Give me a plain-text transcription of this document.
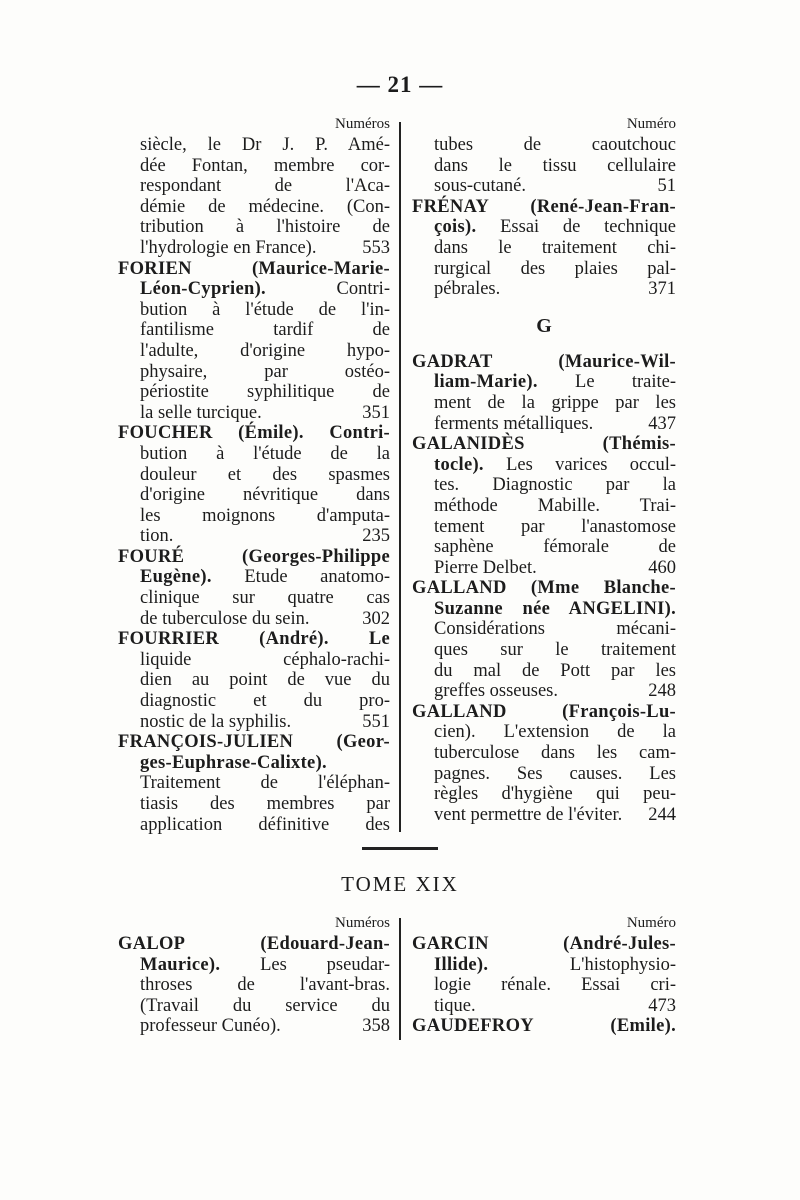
— 21 —
Numéros
siècle, le Dr J. P. Amé-
dée Fontan, membre cor-
respondant de l'Aca-
démie de médecine. (Con-
tribution à l'histoire de
l'hydrologie en France). 553
FORIEN (Maurice-Marie-
Léon-Cyprien). Contri-
bution à l'étude de l'in-
fantilisme tardif de
l'adulte, d'origine hypo-
physaire, par ostéo-
périostite syphilitique de
la selle turcique.	351
FOUCHER (Émile). Contri-
bution à l'étude de la
douleur et des spasmes
d'origine névritique dans
les moignons d'amputa-
tion.	235
FOURÉ (Georges-Philippe
Eugène). Etude anatomo-
clinique sur quatre cas
de tuberculose du sein.	302
FOURRIER (André). Le
liquide céphalo-rachi-
dien au point de vue du
diagnostic et du pro-
nostic de la syphilis.	551
FRANÇOIS-JULIEN (Geor-
ges-Euphrase-Calixte).
Traitement de l'éléphan-
tiasis des membres par
application définitive des
Numéro
tubes de caoutchouc
dans le tissu cellulaire
sous-cutané.	51
FRÉNAY (René-Jean-Fran-
çois). Essai de technique
dans le traitement chi-
rurgical des plaies pal-
pébrales.	371
G
GADRAT (Maurice-Wil-
liam-Marie). Le traite-
ment de la grippe par les
ferments métalliques.	437
GALANIDÈS (Thémis-
tocle). Les varices occul-
tes. Diagnostic par la
méthode Mabille. Trai-
tement par l'anastomose
saphène fémorale de
Pierre Delbet.	460
GALLAND (Mme Blanche-
Suzanne née ANGELINI).
Considérations mécani-
ques sur le traitement
du mal de Pott par les
greffes osseuses.	248
GALLAND (François-Lu-
cien). L'extension de la
tuberculose dans les cam-
pagnes. Ses causes. Les
règles d'hygiène qui peu-
vent permettre de l'éviter. 244
TOME XIX
Numéros
GALOP (Edouard-Jean-
Maurice). Les pseudar-
throses de l'avant-bras.
(Travail du service du
professeur Cunéo).	358
Numéro
GARCIN (André-Jules-
Illide). L'histophysio-
logie rénale. Essai cri-
tique.	473
GAUDEFROY (Emile).
